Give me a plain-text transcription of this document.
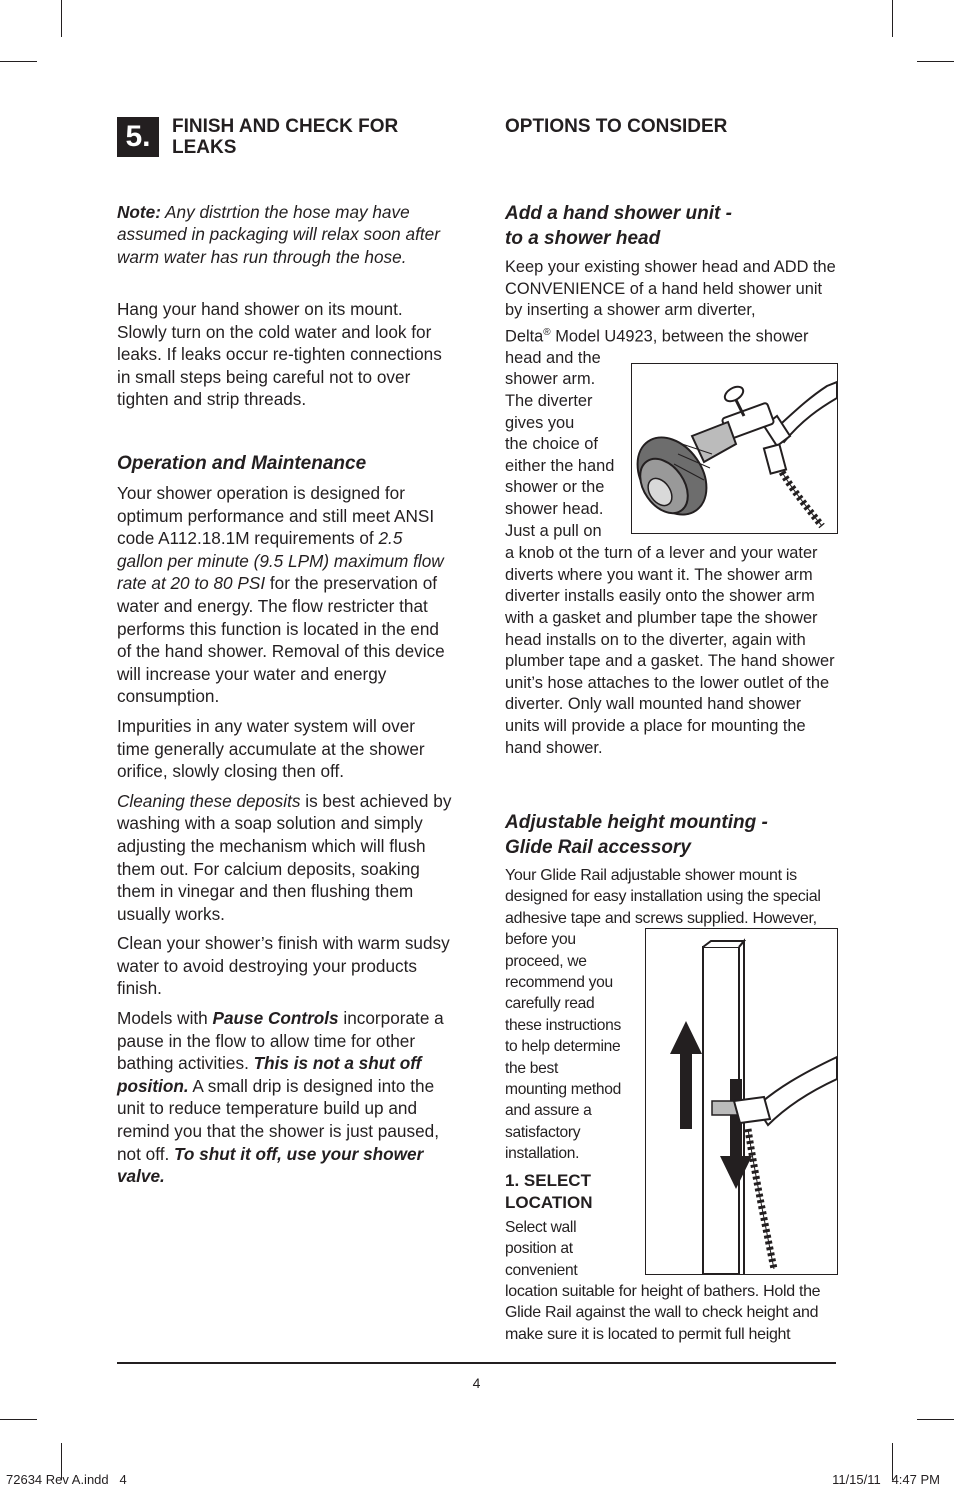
5.	FINISH AND CHECK FOR

LEAKS

Note: Any distrtion the hose may have assumed in packaging will relax soon after warm water has run through the hose.

Hang your hand shower on its mount. Slowly turn on the cold water and look for leaks. If leaks occur re-tighten connections in small steps being careful not to over tighten and strip threads.

Operation and Maintenance

Your shower operation is designed for optimum performance and still meet ANSI code A112.18.1M requirements of 2.5 gallon per minute (9.5 LPM) maximum flow rate at 20 to 80 PSI for the preservation of water and energy. The flow restricter that performs this function is located in the end of the hand shower. Removal of this device will increase your water and energy consumption.

Impurities in any water system will over time generally accumulate at the shower orifice, slowly closing then off.

Cleaning these deposits is best achieved by washing with a soap solution and simply adjusting the mechanism which will flush them out. For calcium deposits, soaking them in vinegar and then flushing them usually works.

Clean your shower’s finish with warm sudsy water to avoid destroying your products finish.

Models with Pause Controls incorporate a pause in the flow to allow time for other bathing activities. This is not a shut off position. A small drip is designed into the unit to reduce temperature build up and remind you that the shower is just paused, not off. To shut it off, use your shower valve.

OPTIONS TO CONSIDER

Add a hand shower unit -

to a shower head

Keep your existing shower head and ADD the CONVENIENCE of a hand held shower unit by inserting a shower arm diverter,
Delta® Model U4923, between the shower

head and the
shower arm.
The diverter
gives you
the choice of
either the hand
shower or the
shower head.
Just a pull on

a knob ot the turn of a lever and your water diverts where you want it. The shower arm diverter installs easily onto the shower arm with a gasket and plumber tape the shower head installs on to the diverter, again with plumber tape and a gasket. The hand shower unit’s hose attaches to the lower outlet of the diverter. Only wall mounted hand shower units will provide a place for mounting the hand shower.

Adjustable height mounting -

Glide Rail accessory

Your Glide Rail adjustable shower mount is designed for easy installation using the special adhesive tape and screws supplied. However,

before you
proceed, we
recommend you
carefully read
these instructions
to help determine
the best
mounting method
and assure a
satisfactory
installation.

1. SELECT

LOCATION

Select wall
position at
convenient

location suitable for height of bathers. Hold the Glide Rail against the wall to check height and make sure it is located to permit full height

4
72634 Rev A.indd   4	11/15/11   4:47 PM
